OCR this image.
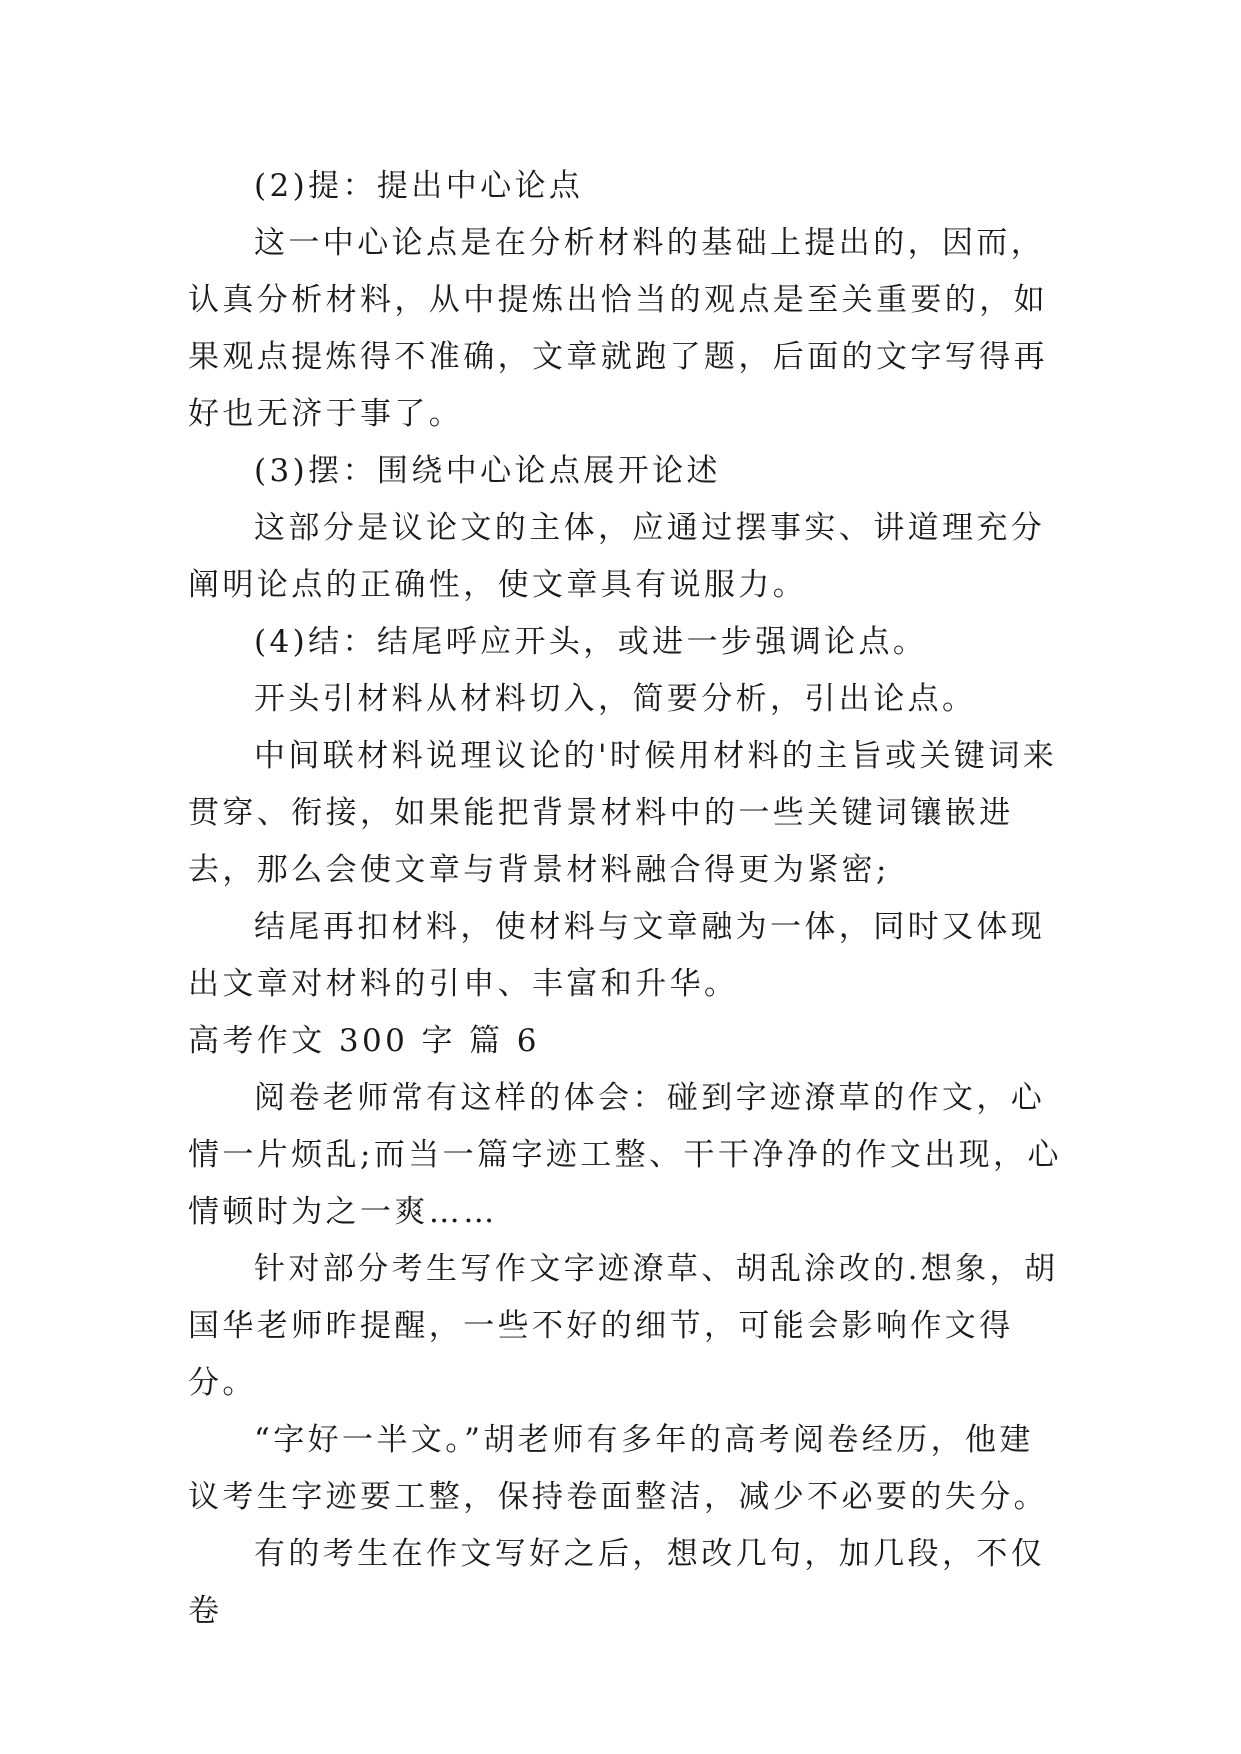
(2)提：提出中心论点

这一中心论点是在分析材料的基础上提出的，因而，认真分析材料，从中提炼出恰当的观点是至关重要的，如果观点提炼得不准确，文章就跑了题，后面的文字写得再好也无济于事了。

(3)摆：围绕中心论点展开论述

这部分是议论文的主体，应通过摆事实、讲道理充分阐明论点的正确性，使文章具有说服力。

(4)结：结尾呼应开头，或进一步强调论点。

开头引材料从材料切入，简要分析，引出论点。

中间联材料说理议论的'时候用材料的主旨或关键词来贯穿、衔接，如果能把背景材料中的一些关键词镶嵌进去，那么会使文章与背景材料融合得更为紧密;

结尾再扣材料，使材料与文章融为一体，同时又体现出文章对材料的引申、丰富和升华。

高考作文 300 字 篇 6

阅卷老师常有这样的体会：碰到字迹潦草的作文，心情一片烦乱;而当一篇字迹工整、干干净净的作文出现，心情顿时为之一爽……

针对部分考生写作文字迹潦草、胡乱涂改的.想象，胡国华老师昨提醒，一些不好的细节，可能会影响作文得分。

“字好一半文。”胡老师有多年的高考阅卷经历，他建议考生字迹要工整，保持卷面整洁，减少不必要的失分。

有的考生在作文写好之后，想改几句，加几段，不仅卷
